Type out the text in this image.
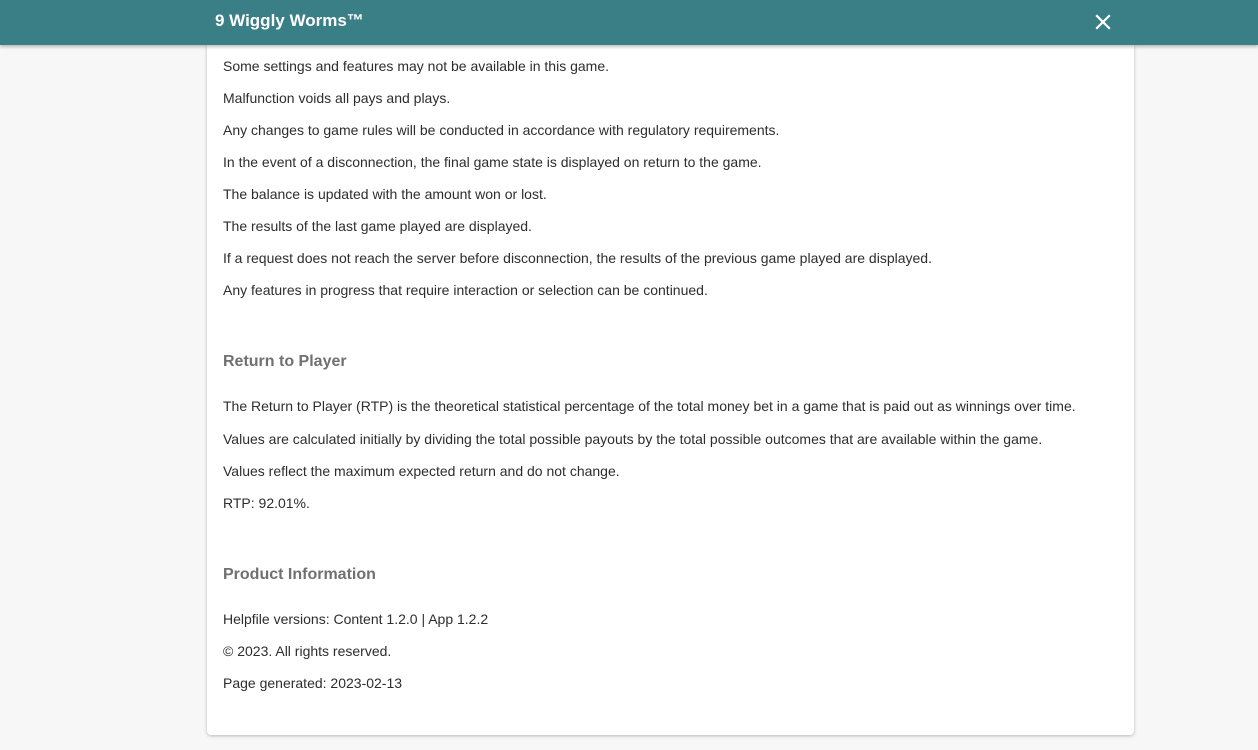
9 Wiggly Worms™
Some settings and features may not be available in this game.
Malfunction voids all pays and plays.
Any changes to game rules will be conducted in accordance with regulatory requirements.
In the event of a disconnection, the final game state is displayed on return to the game.
The balance is updated with the amount won or lost.
The results of the last game played are displayed.
If a request does not reach the server before disconnection, the results of the previous game played are displayed.
Any features in progress that require interaction or selection can be continued.
Return to Player
The Return to Player (RTP) is the theoretical statistical percentage of the total money bet in a game that is paid out as winnings over time.
Values are calculated initially by dividing the total possible payouts by the total possible outcomes that are available within the game.
Values reflect the maximum expected return and do not change.
RTP: 92.01%.
Product Information
Helpfile versions: Content 1.2.0 | App 1.2.2
© 2023. All rights reserved.
Page generated: 2023-02-13
